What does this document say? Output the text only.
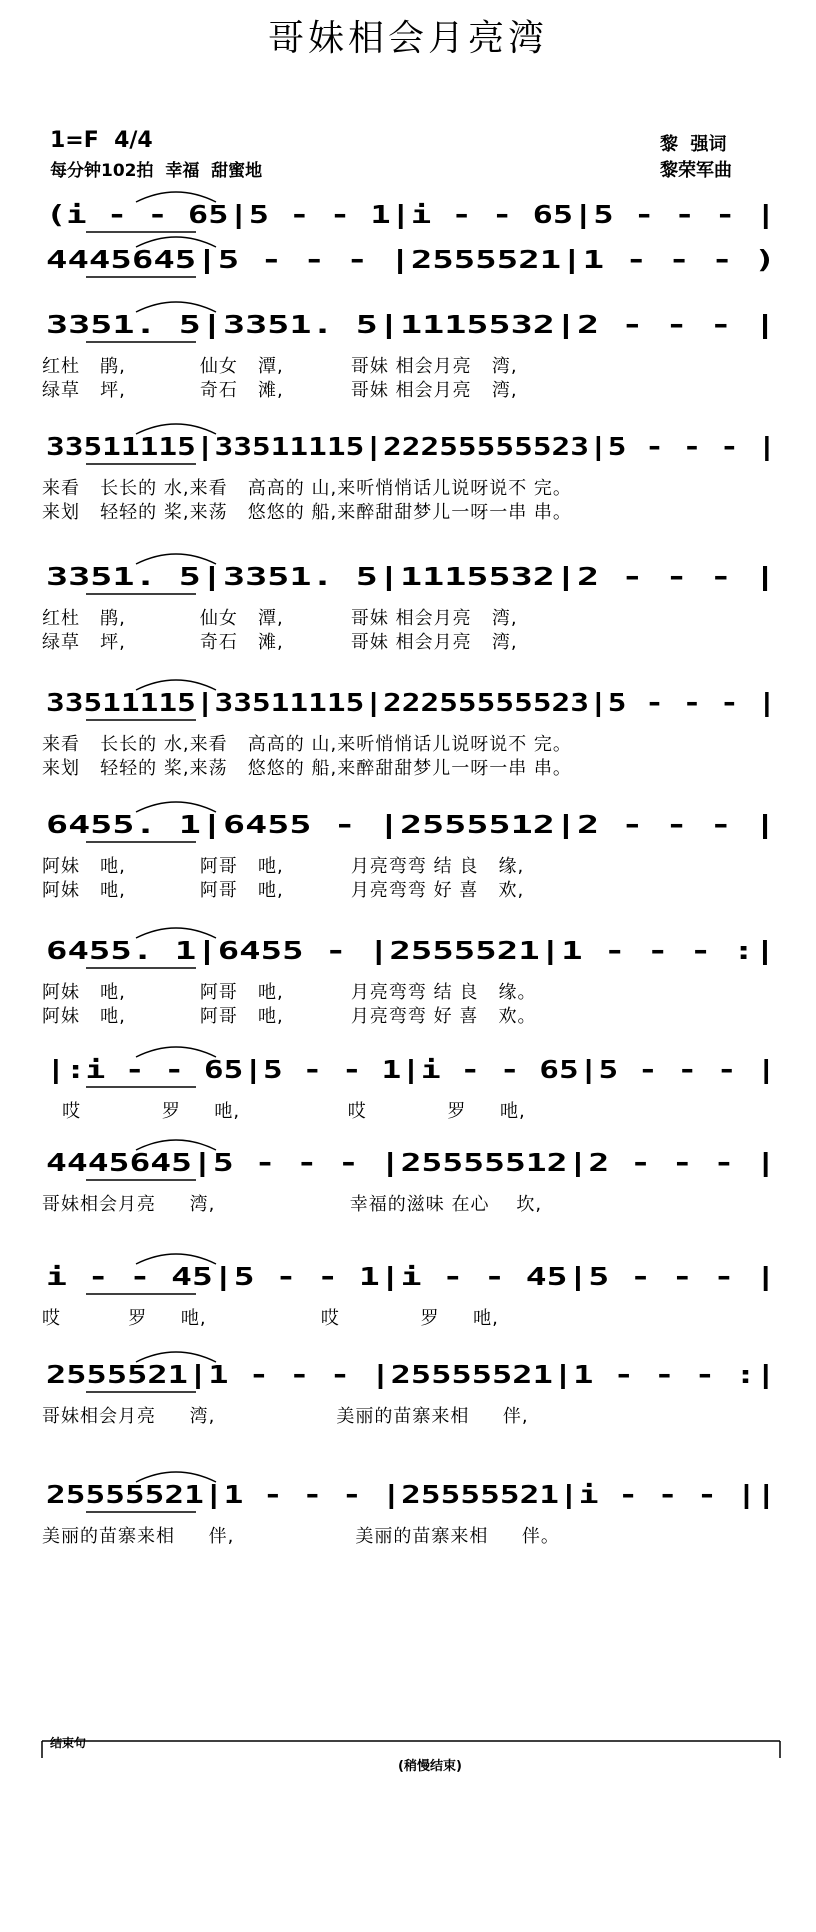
哥妹相会月亮湾
1=F  4/4
每分钟102拍  幸福  甜蜜地
黎  强词
黎荣军曲
(i - - 65|5 - - 1|i - - 65|5 - - - |
4445645|5 - - - |2555521|1 - - - )
3351. 5|3351. 5|1115532|2 - - - |
红杜   鹃,           仙女   潭,          哥妹 相会月亮   湾,
绿草   坪,           奇石   滩,          哥妹 相会月亮   湾,
33511115|33511115|22255555523|5 - - - |
来看   长长的 水,来看   高高的 山,来听悄悄话儿说呀说不 完。
来划   轻轻的 桨,来荡   悠悠的 船,来醉甜甜梦儿一呀一串 串。
3351. 5|3351. 5|1115532|2 - - - |
红杜   鹃,           仙女   潭,          哥妹 相会月亮   湾,
绿草   坪,           奇石   滩,          哥妹 相会月亮   湾,
33511115|33511115|22255555523|5 - - - |
来看   长长的 水,来看   高高的 山,来听悄悄话儿说呀说不 完。
来划   轻轻的 桨,来荡   悠悠的 船,来醉甜甜梦儿一呀一串 串。
6455. 1|6455 - |2555512|2 - - - |
阿妹   吔,           阿哥   吔,          月亮弯弯 结 良   缘,
阿妹   吔,           阿哥   吔,          月亮弯弯 好 喜   欢,
6455. 1|6455 - |2555521|1 - - - :|
阿妹   吔,           阿哥   吔,          月亮弯弯 结 良   缘。
阿妹   吔,           阿哥   吔,          月亮弯弯 好 喜   欢。
|:i - - 65|5 - - 1|i - - 65|5 - - - |
哎            罗     吔,                哎            罗     吔,
4445645|5 - - - |25555512|2 - - - |
哥妹相会月亮     湾,                    幸福的滋味 在心    坎,
i - - 45|5 - - 1|i - - 45|5 - - - |
哎          罗     吔,                 哎            罗     吔,
2555521|1 - - - |25555521|1 - - - :|
哥妹相会月亮     湾,                  美丽的苗寨来相     伴,
25555521|1 - - - |25555521|i - - - ||
美丽的苗寨来相     伴,                  美丽的苗寨来相     伴。
结束句
(稍慢结束)
